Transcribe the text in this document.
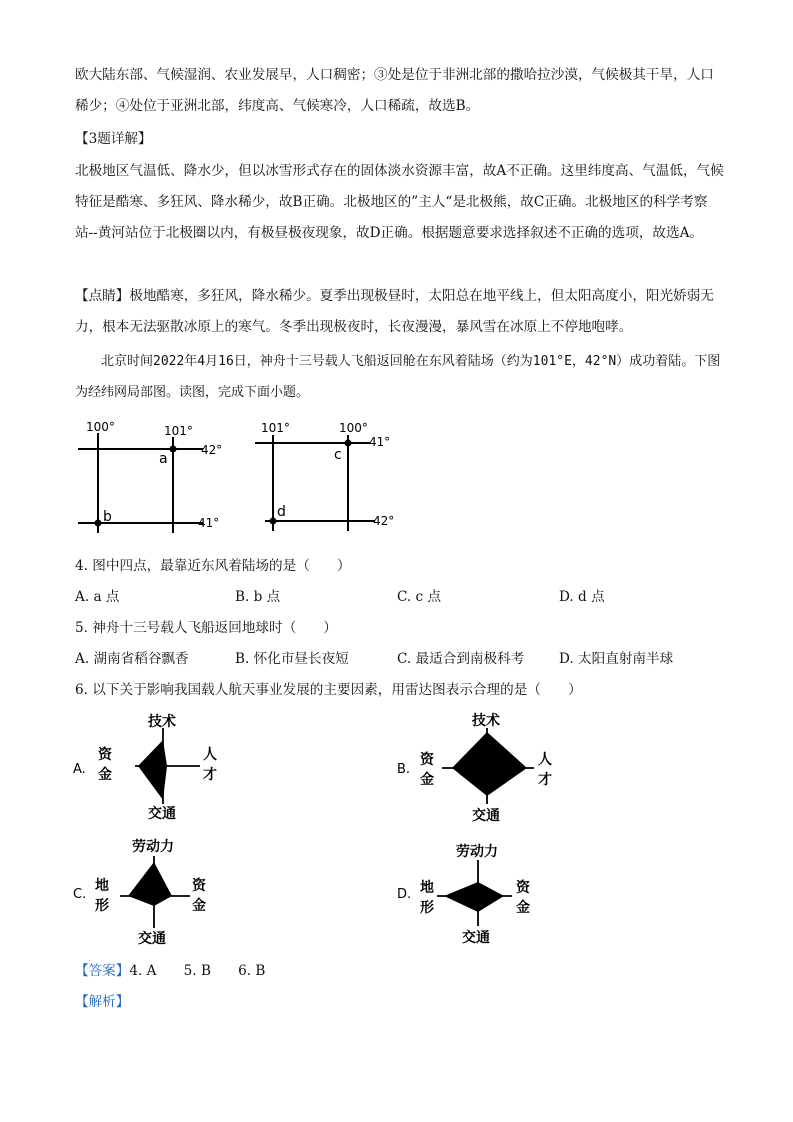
欧大陆东部、气候湿润、农业发展早，人口稠密；③处是位于非洲北部的撒哈拉沙漠，气候极其干旱，人口稀少；④处位于亚洲北部，纬度高、气候寒冷，人口稀疏，故选B。

【3题详解】

北极地区气温低、降水少，但以冰雪形式存在的固体淡水资源丰富，故A不正确。这里纬度高、气温低，气候特征是酷寒、多狂风、降水稀少，故B正确。北极地区的”主人“是北极熊，故C正确。北极地区的科学考察站--黄河站位于北极圈以内，有极昼极夜现象，故D正确。根据题意要求选择叙述不正确的选项，故选A。

【点睛】极地酷寒，多狂风，降水稀少。夏季出现极昼时，太阳总在地平线上，但太阳高度小，阳光娇弱无力，根本无法驱散冰原上的寒气。冬季出现极夜时，长夜漫漫，暴风雪在冰原上不停地咆哮。

北京时间2022年4月16日，神舟十三号载人飞船返回舱在东风着陆场（约为101°E，42°N）成功着陆。下图为经纬网局部图。读图，完成下面小题。

100°	101°
42°
41°
a
b
101°	100°
41°
42°
c
d
4. 图中四点，最靠近东风着陆场的是（　　）
A. a 点	B. b 点	C. c 点	D. d 点
5. 神舟十三号载人飞船返回地球时（　　）
A. 湖南省稻谷飘香	B. 怀化市昼长夜短	C. 最适合到南极科考	D. 太阳直射南半球
6. 以下关于影响我国载人航天事业发展的主要因素，用雷达图表示合理的是（　　）
A.
技术
资
金
人
才
交通
B.
技术
资
金
人
才
交通
C.
劳动力
地
形
资
金
交通
D.
劳动力
地
形
资
金
交通
【答案】4. A　　5. B　　6. B
【解析】
